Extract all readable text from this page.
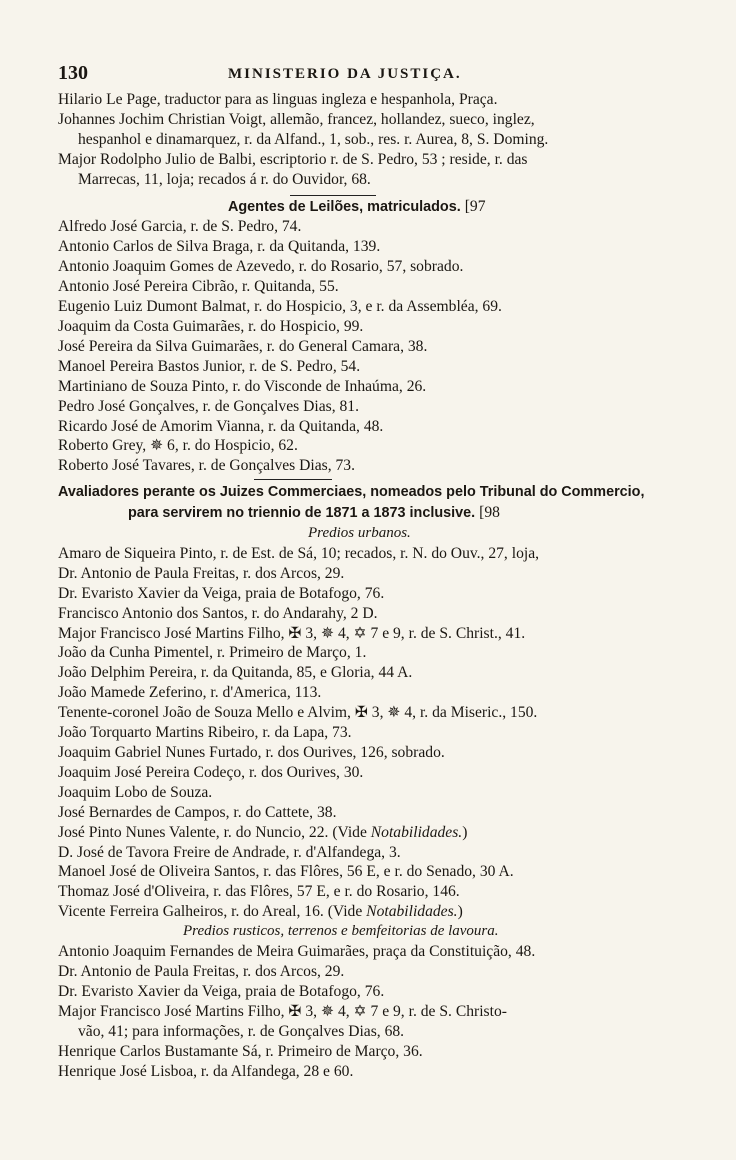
130	MINISTERIO DA JUSTIÇA.
Hilario Le Page, traductor para as linguas ingleza e hespanhola, Praça.
Johannes Jochim Christian Voigt, allemão, francez, hollandez, sueco, inglez,
hespanhol e dinamarquez, r. da Alfand., 1, sob., res. r. Aurea, 8, S. Doming.
Major Rodolpho Julio de Balbi, escriptorio r. de S. Pedro, 53 ; reside, r. das
Marrecas, 11, loja; recados á r. do Ouvidor, 68.
Agentes de Leilões, matriculados. [97
Alfredo José Garcia, r. de S. Pedro, 74.
Antonio Carlos de Silva Braga, r. da Quitanda, 139.
Antonio Joaquim Gomes de Azevedo, r. do Rosario, 57, sobrado.
Antonio José Pereira Cibrão, r. Quitanda, 55.
Eugenio Luiz Dumont Balmat, r. do Hospicio, 3, e r. da Assembléa, 69.
Joaquim da Costa Guimarães, r. do Hospicio, 99.
José Pereira da Silva Guimarães, r. do General Camara, 38.
Manoel Pereira Bastos Junior, r. de S. Pedro, 54.
Martiniano de Souza Pinto, r. do Visconde de Inhaúma, 26.
Pedro José Gonçalves, r. de Gonçalves Dias, 81.
Ricardo José de Amorim Vianna, r. da Quitanda, 48.
Roberto Grey, ✵ 6, r. do Hospicio, 62.
Roberto José Tavares, r. de Gonçalves Dias, 73.
Avaliadores perante os Juizes Commerciaes, nomeados pelo Tribunal do Commercio,
para servirem no triennio de 1871 a 1873 inclusive. [98
Predios urbanos.
Amaro de Siqueira Pinto, r. de Est. de Sá, 10; recados, r. N. do Ouv., 27, loja,
Dr. Antonio de Paula Freitas, r. dos Arcos, 29.
Dr. Evaristo Xavier da Veiga, praia de Botafogo, 76.
Francisco Antonio dos Santos, r. do Andarahy, 2 D.
Major Francisco José Martins Filho, ✠ 3, ✵ 4, ✡ 7 e 9, r. de S. Christ., 41.
João da Cunha Pimentel, r. Primeiro de Março, 1.
João Delphim Pereira, r. da Quitanda, 85, e Gloria, 44 A.
João Mamede Zeferino, r. d'America, 113.
Tenente-coronel João de Souza Mello e Alvim, ✠ 3, ✵ 4, r. da Miseric., 150.
João Torquarto Martins Ribeiro, r. da Lapa, 73.
Joaquim Gabriel Nunes Furtado, r. dos Ourives, 126, sobrado.
Joaquim José Pereira Codeço, r. dos Ourives, 30.
Joaquim Lobo de Souza.
José Bernardes de Campos, r. do Cattete, 38.
José Pinto Nunes Valente, r. do Nuncio, 22. (Vide Notabilidades.)
D. José de Tavora Freire de Andrade, r. d'Alfandega, 3.
Manoel José de Oliveira Santos, r. das Flôres, 56 E, e r. do Senado, 30 A.
Thomaz José d'Oliveira, r. das Flôres, 57 E, e r. do Rosario, 146.
Vicente Ferreira Galheiros, r. do Areal, 16. (Vide Notabilidades.)
Predios rusticos, terrenos e bemfeitorias de lavoura.
Antonio Joaquim Fernandes de Meira Guimarães, praça da Constituição, 48.
Dr. Antonio de Paula Freitas, r. dos Arcos, 29.
Dr. Evaristo Xavier da Veiga, praia de Botafogo, 76.
Major Francisco José Martins Filho, ✠ 3, ✵ 4, ✡ 7 e 9, r. de S. Christo-
vão, 41; para informações, r. de Gonçalves Dias, 68.
Henrique Carlos Bustamante Sá, r. Primeiro de Março, 36.
Henrique José Lisboa, r. da Alfandega, 28 e 60.
